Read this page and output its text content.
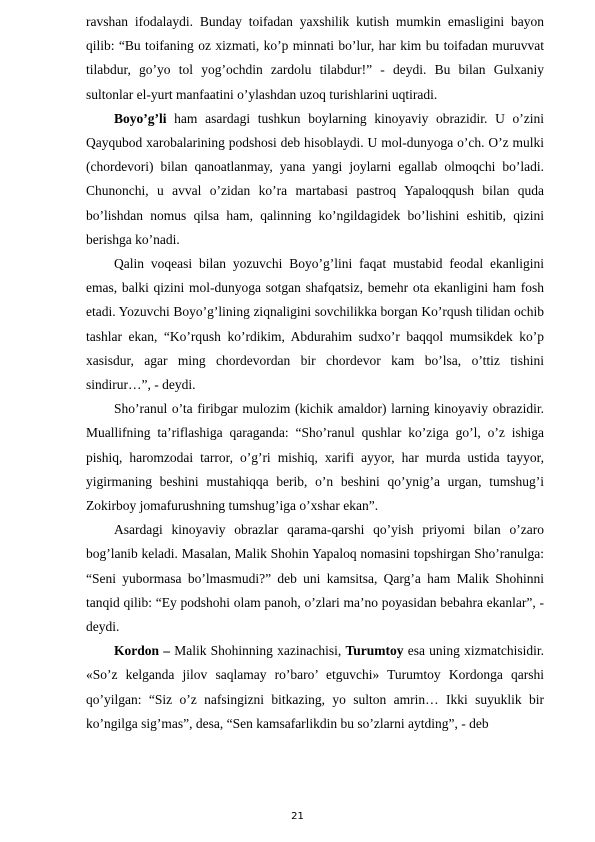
ravshan ifodalaydi. Bunday toifadan yaxshilik kutish mumkin emasligini bayon qilib: “Bu toifaning oz xizmati, ko’p minnati bo’lur, har kim bu toifadan muruvvat tilabdur, go’yo tol yog’ochdin zardolu tilabdur!” - deydi. Bu bilan Gulxaniy sultonlar el-yurt manfaatini o’ylashdan uzoq turishlarini uqtiradi.

Boyo’g’li ham asardagi tushkun boylarning kinoyaviy obrazidir. U o’zini Qayqubod xarobalarining podshosi deb hisoblaydi. U mol-dunyoga o’ch. O’z mulki (chordevori) bilan qanoatlanmay, yana yangi joylarni egallab olmoqchi bo’ladi. Chunonchi, u avval o’zidan ko’ra martabasi pastroq Yapaloqqush bilan quda bo’lishdan nomus qilsa ham, qalinning ko’ngildagidek bo’lishini eshitib, qizini berishga ko’nadi.

Qalin voqeasi bilan yozuvchi Boyo’g’lini faqat mustabid feodal ekanligini emas, balki qizini mol-dunyoga sotgan shafqatsiz, bemehr ota ekanligini ham fosh etadi. Yozuvchi Boyo’g’lining ziqnaligini sovchilikka borgan Ko’rqush tilidan ochib tashlar ekan, “Ko’rqush ko’rdikim, Abdurahim sudxo’r baqqol mumsikdek ko’p xasisdur, agar ming chordevordan bir chordevor kam bo’lsa, o’ttiz tishini sindirur…”, - deydi.

Sho’ranul o’ta firibgar mulozim (kichik amaldor) larning kinoyaviy obrazidir. Muallifning ta’riflashiga qaraganda: “Sho’ranul qushlar ko’ziga go’l, o’z ishiga pishiq, haromzodai tarror, o’g’ri mishiq, xarifi ayyor, har murda ustida tayyor, yigirmaning beshini mustahiqqa berib, o’n beshini qo’ynig’a urgan, tumshug’i Zokirboy jomafurushning tumshug’iga o’xshar ekan”.

Asardagi kinoyaviy obrazlar qarama-qarshi qo’yish priyomi bilan o’zaro bog’lanib keladi. Masalan, Malik Shohin Yapaloq nomasini topshirgan Sho’ranulga: “Seni yubormasa bo’lmasmudi?” deb uni kamsitsa, Qarg’a ham Malik Shohinni tanqid qilib: “Ey podshohi olam panoh, o’zlari ma’no poyasidan bebahra ekanlar”, - deydi.

Kordon – Malik Shohinning xazinachisi, Turumtoy esa uning xizmatchisidir. «So’z kelganda jilov saqlamay ro’baro’ etguvchi» Turumtoy Kordonga qarshi qo’yilgan: “Siz o’z nafsingizni bitkazing, yo sulton amrin… Ikki suyuklik bir ko’ngilga sig’mas”, desa, “Sen kamsafarlikdin bu so’zlarni aytding”, - deb

21
